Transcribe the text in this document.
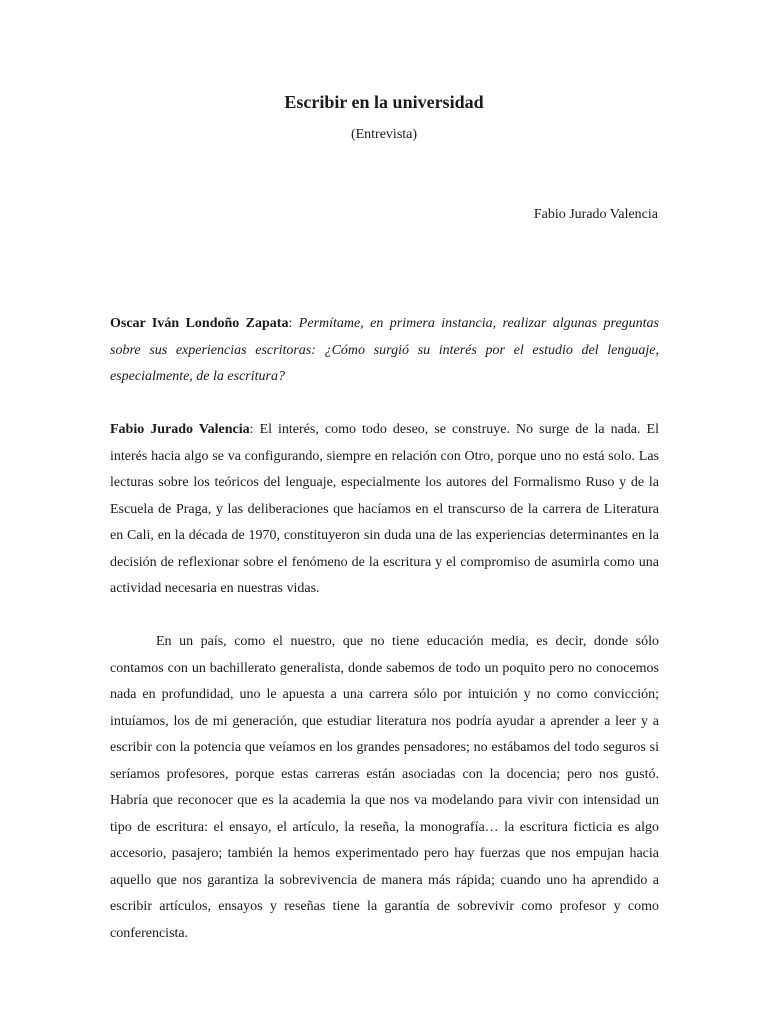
Escribir en la universidad
(Entrevista)
Fabio Jurado Valencia

Oscar Iván Londoño Zapata: Permítame, en primera instancia, realizar algunas preguntas sobre sus experiencias escritoras: ¿Cómo surgió su interés por el estudio del lenguaje, especialmente, de la escritura?

Fabio Jurado Valencia: El interés, como todo deseo, se construye. No surge de la nada. El interés hacia algo se va configurando, siempre en relación con Otro, porque uno no está solo. Las lecturas sobre los teóricos del lenguaje, especialmente los autores del Formalismo Ruso y de la Escuela de Praga, y las deliberaciones que hacíamos en el transcurso de la carrera de Literatura en Cali, en la década de 1970, constituyeron sin duda una de las experiencias determinantes en la decisión de reflexionar sobre el fenómeno de la escritura y el compromiso de asumirla como una actividad necesaria en nuestras vidas.

En un país, como el nuestro, que no tiene educación media, es decir, donde sólo contamos con un bachillerato generalista, donde sabemos de todo un poquito pero no conocemos nada en profundidad, uno le apuesta a una carrera sólo por intuición y no como convicción; intuíamos, los de mi generación, que estudiar literatura nos podría ayudar a aprender a leer y a escribir con la potencia que veíamos en los grandes pensadores; no estábamos del todo seguros si seríamos profesores, porque estas carreras están asociadas con la docencia; pero nos gustó. Habría que reconocer que es la academia la que nos va modelando para vivir con intensidad un tipo de escritura: el ensayo, el artículo, la reseña, la monografía… la escritura ficticia es algo accesorio, pasajero; también la hemos experimentado pero hay fuerzas que nos empujan hacia aquello que nos garantiza la sobrevivencia de manera más rápida; cuando uno ha aprendido a escribir artículos, ensayos y reseñas tiene la garantía de sobrevivir como profesor y como conferencista.
